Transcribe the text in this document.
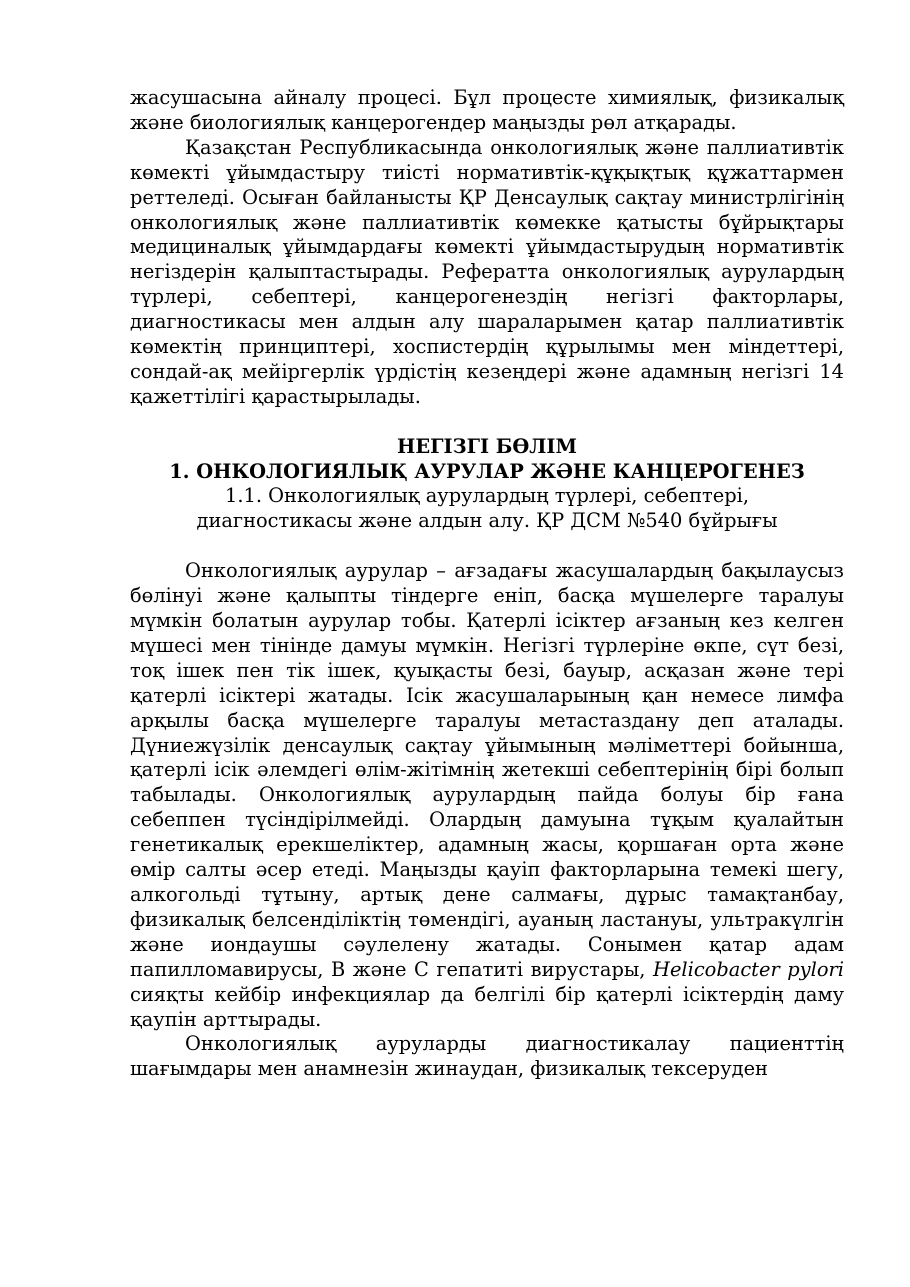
жасушасына айналу процесі. Бұл процесте химиялық, физикалық және биологиялық канцерогендер маңызды рөл атқарады.

Қазақстан Республикасында онкологиялық және паллиативтік көмекті ұйымдастыру тиісті нормативтік-құқықтық құжаттармен реттеледі. Осыған байланысты ҚР Денсаулық сақтау министрлігінің онкологиялық және паллиативтік көмекке қатысты бұйрықтары медициналық ұйымдардағы көмекті ұйымдастырудың нормативтік негіздерін қалыптастырады. Рефератта онкологиялық аурулардың түрлері, себептері, канцерогенездің негізгі факторлары, диагностикасы мен алдын алу шараларымен қатар паллиативтік көмектің принциптері, хоспистердің құрылымы мен міндеттері, сондай-ақ мейіргерлік үрдістің кезеңдері және адамның негізгі 14 қажеттілігі қарастырылады.

НЕГІЗГІ БӨЛІМ

1. ОНКОЛОГИЯЛЫҚ АУРУЛАР ЖӘНЕ КАНЦЕРОГЕНЕЗ

1.1. Онкологиялық аурулардың түрлері, себептері,

диагностикасы және алдын алу. ҚР ДСМ №540 бұйрығы

Онкологиялық аурулар – ағзадағы жасушалардың бақылаусыз бөлінуі және қалыпты тіндерге еніп, басқа мүшелерге таралуы мүмкін болатын аурулар тобы. Қатерлі ісіктер ағзаның кез келген мүшесі мен тінінде дамуы мүмкін. Негізгі түрлеріне өкпе, сүт безі, тоқ ішек пен тік ішек, қуықасты безі, бауыр, асқазан және тері қатерлі ісіктері жатады. Ісік жасушаларының қан немесе лимфа арқылы басқа мүшелерге таралуы метастаздану деп аталады. Дүниежүзілік денсаулық сақтау ұйымының мәліметтері бойынша, қатерлі ісік әлемдегі өлім-жітімнің жетекші себептерінің бірі болып табылады. Онкологиялық аурулардың пайда болуы бір ғана себеппен түсіндірілмейді. Олардың дамуына тұқым қуалайтын генетикалық ерекшеліктер, адамның жасы, қоршаған орта және өмір салты әсер етеді. Маңызды қауіп факторларына темекі шегу, алкогольді тұтыну, артық дене салмағы, дұрыс тамақтанбау, физикалық белсенділіктің төмендігі, ауаның ластануы, ультракүлгін және иондаушы сәулелену жатады. Сонымен қатар адам папилломавирусы, В және С гепатиті вирустары, Helicobacter pylori сияқты кейбір инфекциялар да белгілі бір қатерлі ісіктердің даму қаупін арттырады.

Онкологиялық ауруларды диагностикалау пациенттің шағымдары мен анамнезін жинаудан, физикалық тексеруден
